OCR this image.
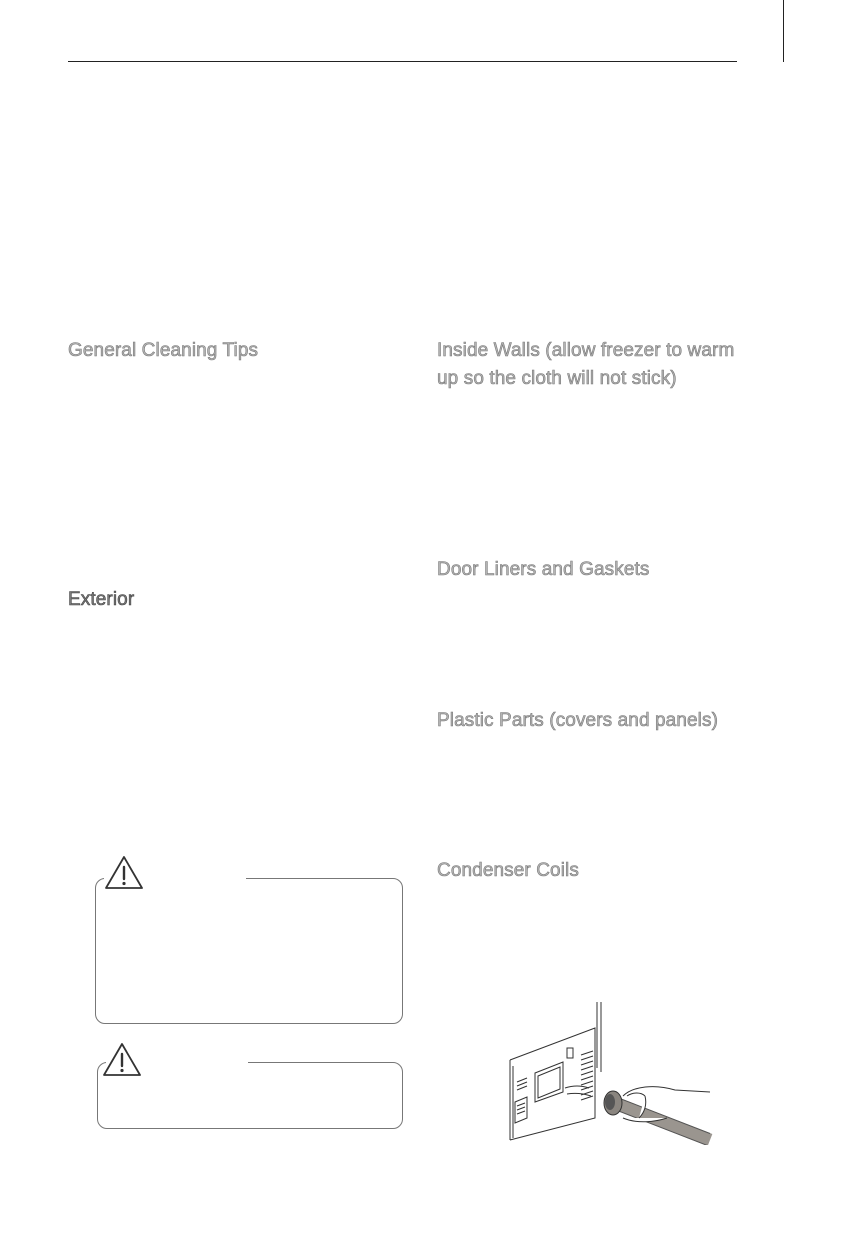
General Cleaning Tips
Exterior
Inside Walls (allow freezer to warm
up so the cloth will not stick)
Door Liners and Gaskets
Plastic Parts (covers and panels)
Condenser Coils
